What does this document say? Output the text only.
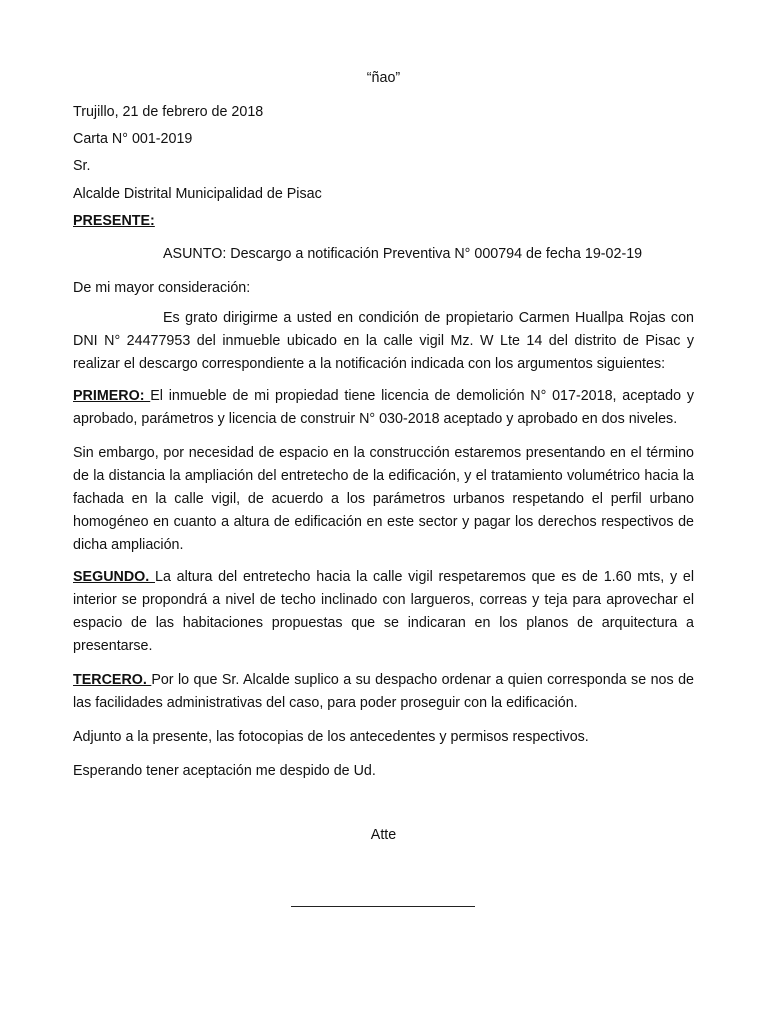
“ñao”
Trujillo, 21 de febrero de 2018
Carta N° 001-2019
Sr.
Alcalde Distrital Municipalidad de Pisac
PRESENTE:
ASUNTO: Descargo a notificación Preventiva N° 000794 de fecha 19-02-19
De mi mayor consideración:
Es grato dirigirme a usted en condición de propietario Carmen Huallpa Rojas con DNI N° 24477953 del inmueble ubicado en la calle vigil Mz. W Lte 14 del distrito de Pisac y realizar el descargo correspondiente a la notificación indicada con los argumentos siguientes:
PRIMERO: El inmueble de mi propiedad tiene licencia de demolición N° 017-2018, aceptado y aprobado, parámetros y licencia de construir N° 030-2018 aceptado y aprobado en dos niveles.
Sin embargo, por necesidad de espacio en la construcción estaremos presentando en el término de la distancia la ampliación del entretecho de la edificación, y el tratamiento volumétrico hacia la fachada en la calle vigil, de acuerdo a los parámetros urbanos respetando el perfil urbano homogéneo en cuanto a altura de edificación en este sector y pagar los derechos respectivos de dicha ampliación.
SEGUNDO. La altura del entretecho hacia la calle vigil respetaremos que es de 1.60 mts, y el interior se propondrá a nivel de techo inclinado con largueros, correas y teja para aprovechar el espacio de las habitaciones propuestas que se indicaran en los planos de arquitectura a presentarse.
TERCERO. Por lo que Sr. Alcalde suplico a su despacho ordenar a quien corresponda se nos de las facilidades administrativas del caso, para poder proseguir con la edificación.
Adjunto a la presente, las fotocopias de los antecedentes y permisos respectivos.
Esperando tener aceptación me despido de Ud.
Atte
